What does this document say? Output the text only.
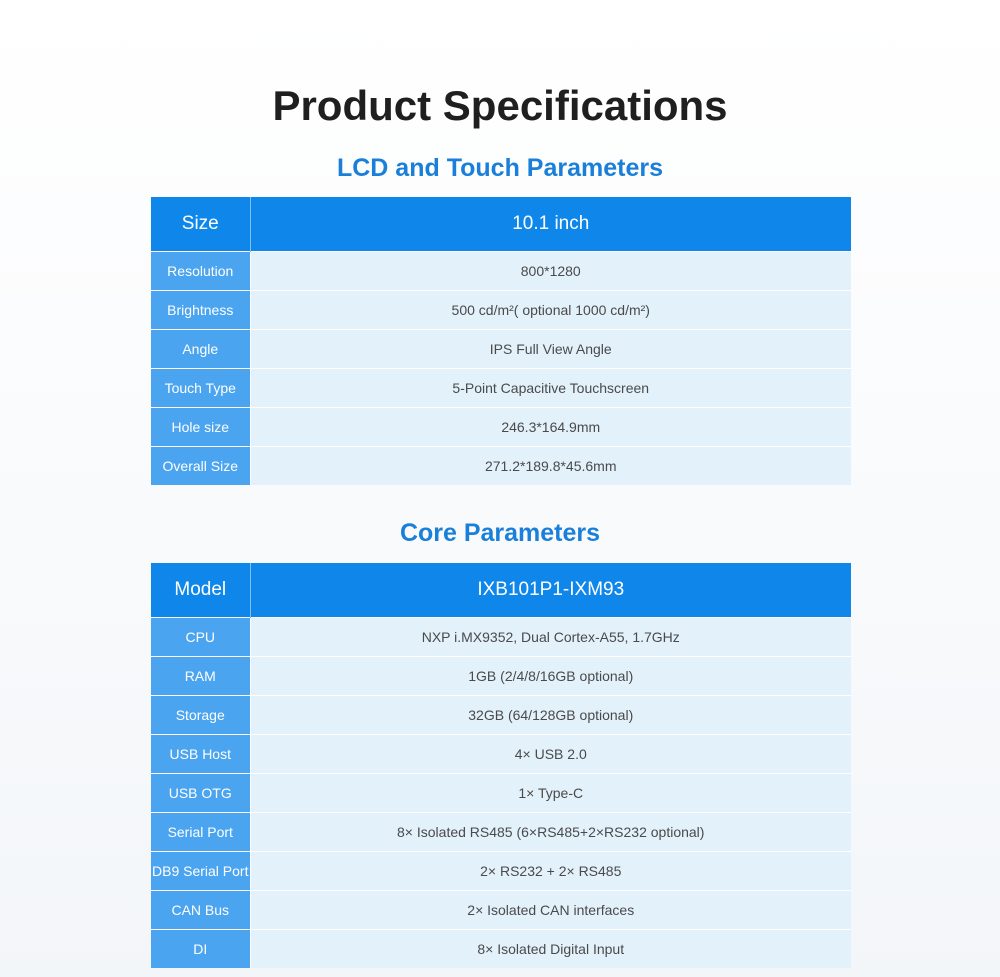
Product Specifications
LCD and Touch Parameters
Size	10.1 inch
Resolution	800*1280
Brightness	500 cd/m²( optional 1000 cd/m²)
Angle	IPS Full View Angle
Touch Type	5-Point Capacitive Touchscreen
Hole size	246.3*164.9mm
Overall Size	271.2*189.8*45.6mm
Core Parameters
Model	IXB101P1-IXM93
CPU	NXP i.MX9352, Dual Cortex-A55, 1.7GHz
RAM	1GB (2/4/8/16GB optional)
Storage	32GB (64/128GB optional)
USB Host	4× USB 2.0
USB OTG	1× Type-C
Serial Port	8× Isolated RS485 (6×RS485+2×RS232 optional)
DB9 Serial Port	2× RS232 + 2× RS485
CAN Bus	2× Isolated CAN interfaces
DI	8× Isolated Digital Input
